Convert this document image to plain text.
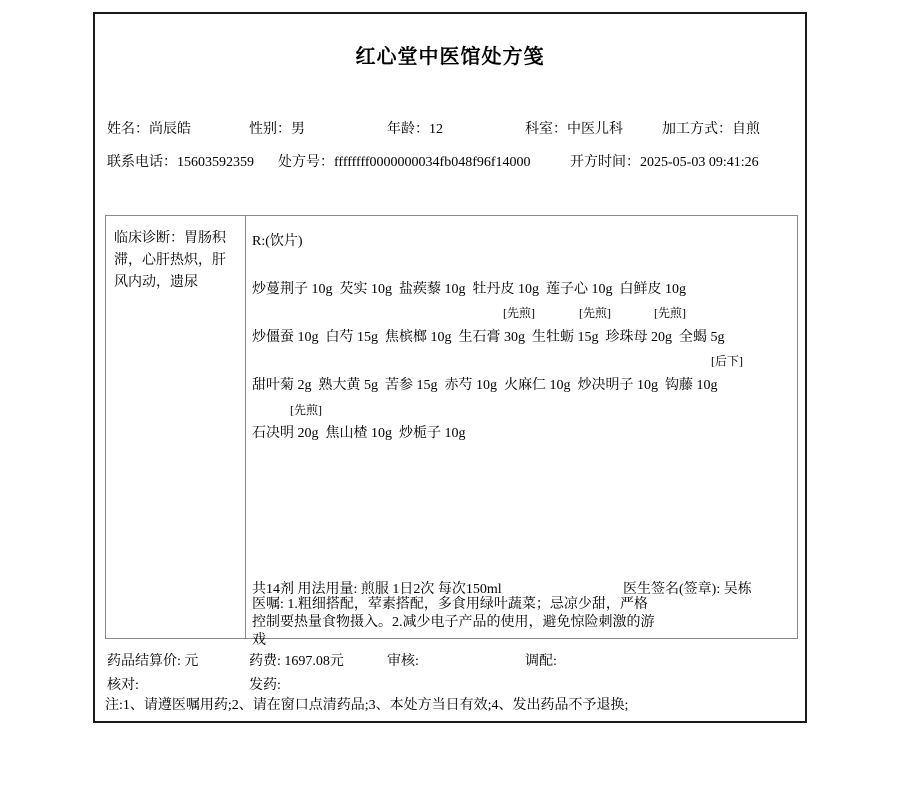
红心堂中医馆处方笺
姓名：尚辰皓	性别：男	年龄：12	科室：中医儿科	加工方式：自煎
联系电话：15603592359 处方号：ffffffff0000000034fb048f96f14000	开方时间：2025-05-03 09:41:26
临床诊断：胃肠积滞，心肝热炽，肝风内动，遗尿
R:(饮片)
炒蔓荆子 10g  芡实 10g  盐蒺藜 10g  牡丹皮 10g  莲子心 10g  白鲜皮 10g
[先煎]	[先煎]	[先煎]
炒僵蚕 10g  白芍 15g  焦槟榔 10g  生石膏 30g  生牡蛎 15g  珍珠母 20g  全蝎 5g
[后下]
甜叶菊 2g  熟大黄 5g  苦参 15g  赤芍 10g  火麻仁 10g  炒决明子 10g  钩藤 10g
[先煎]
石决明 20g  焦山楂 10g  炒栀子 10g
共14剂 用法用量: 煎服 1日2次 每次150ml	医生签名(签章): 吴栋
医嘱: 1.粗细搭配，荤素搭配，多食用绿叶蔬菜；忌凉少甜，严格
控制要热量食物摄入。2.减少电子产品的使用，避免惊险刺激的游
戏
药品结算价: 元	药费: 1697.08元	审核:	调配:
核对:	发药:
注:1、请遵医嘱用药;2、请在窗口点清药品;3、本处方当日有效;4、发出药品不予退换;
